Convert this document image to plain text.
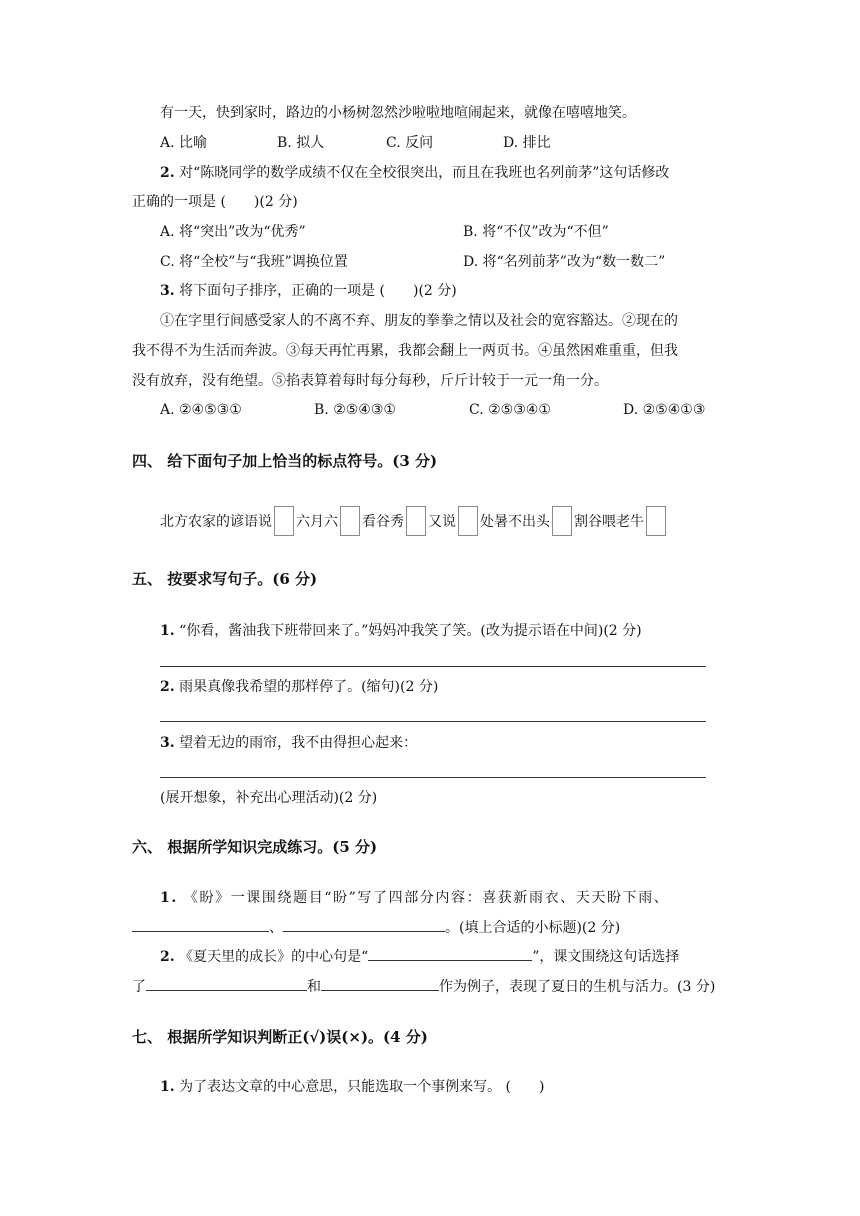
有一天，快到家时，路边的小杨树忽然沙啦啦地喧闹起来，就像在嘻嘻地笑。
A. 比喻	B. 拟人	C. 反问	D. 排比
2. 对“陈晓同学的数学成绩不仅在全校很突出，而且在我班也名列前茅”这句话修改
正确的一项是 ( )(2 分)
A. 将“突出”改为“优秀”	B. 将“不仅”改为“不但”
C. 将“全校”与“我班”调换位置	D. 将“名列前茅”改为“数一数二”
3. 将下面句子排序，正确的一项是 ( )(2 分)
①在字里行间感受家人的不离不弃、朋友的拳拳之情以及社会的宽容豁达。②现在的
我不得不为生活而奔波。③每天再忙再累，我都会翻上一两页书。④虽然困难重重，但我
没有放弃，没有绝望。⑤掐表算着每时每分每秒，斤斤计较于一元一角一分。
A. ②④⑤③①	B. ②⑤④③①	C. ②⑤③④①	D. ②⑤④①③
四、 给下面句子加上恰当的标点符号。(3 分)
北方农家的谚语说 六月六 看谷秀 又说 处暑不出头 割谷喂老牛
五、 按要求写句子。(6 分)
1. “你看，酱油我下班带回来了。”妈妈冲我笑了笑。(改为提示语在中间)(2 分)
2. 雨果真像我希望的那样停了。(缩句)(2 分)
3. 望着无边的雨帘，我不由得担心起来：
(展开想象，补充出心理活动)(2 分)
六、 根据所学知识完成练习。(5 分)
1. 《盼》一课围绕题目“盼”写了四部分内容：喜获新雨衣、天天盼下雨、
、	。(填上合适的小标题)(2 分)
2. 《夏天里的成长》的中心句是“	”，课文围绕这句话选择
了	和	作为例子，表现了夏日的生机与活力。(3 分)
七、 根据所学知识判断正(√)误(×)。(4 分)
1. 为了表达文章的中心意思，只能选取一个事例来写。 ( )
